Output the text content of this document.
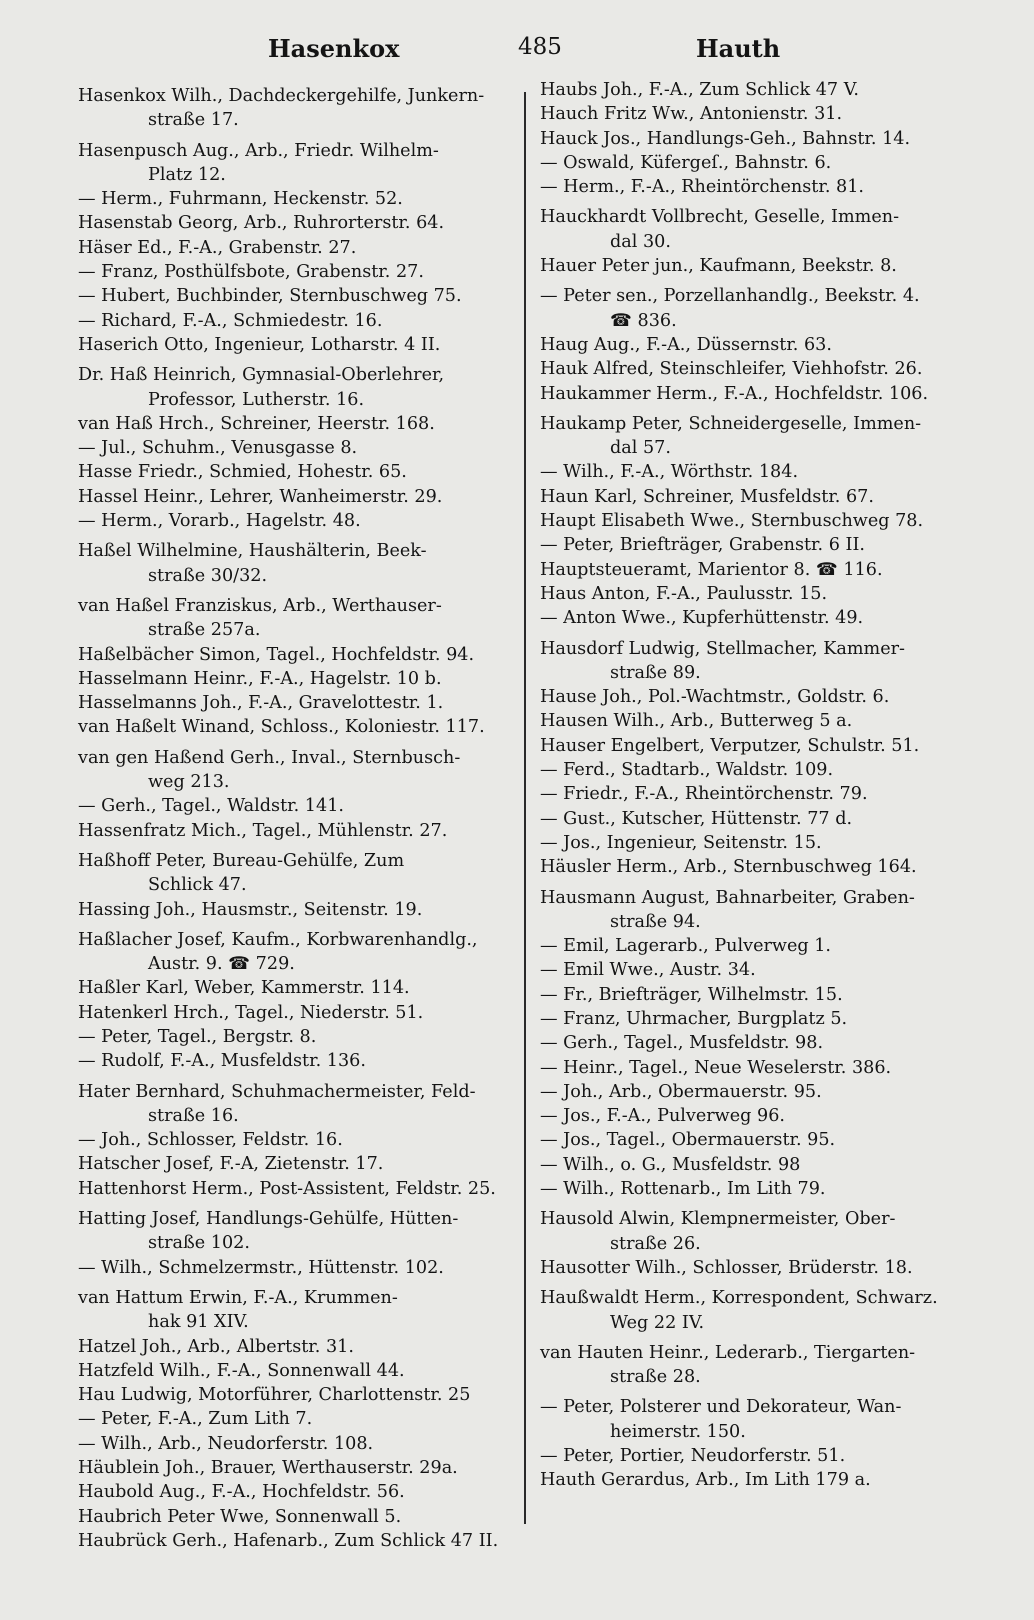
Hasenkox	485	Hauth
Hasenkox Wilh., Dachdeckergehilfe, Junkern-
straße 17.
Hasenpusch Aug., Arb., Friedr. Wilhelm-
Platz 12.
— Herm., Fuhrmann, Heckenstr. 52.
Hasenstab Georg, Arb., Ruhrorterstr. 64.
Häser Ed., F.-A., Grabenstr. 27.
— Franz, Posthülfsbote, Grabenstr. 27.
— Hubert, Buchbinder, Sternbuschweg 75.
— Richard, F.-A., Schmiedestr. 16.
Haserich Otto, Ingenieur, Lotharstr. 4 II.
Dr. Haß Heinrich, Gymnasial-Oberlehrer,
Professor, Lutherstr. 16.
van Haß Hrch., Schreiner, Heerstr. 168.
— Jul., Schuhm., Venusgasse 8.
Hasse Friedr., Schmied, Hohestr. 65.
Hassel Heinr., Lehrer, Wanheimerstr. 29.
— Herm., Vorarb., Hagelstr. 48.
Haßel Wilhelmine, Haushälterin, Beek-
straße 30/32.
van Haßel Franziskus, Arb., Werthauser-
straße 257a.
Haßelbächer Simon, Tagel., Hochfeldstr. 94.
Hasselmann Heinr., F.-A., Hagelstr. 10 b.
Hasselmanns Joh., F.-A., Gravelottestr. 1.
van Haßelt Winand, Schloss., Koloniestr. 117.
van gen Haßend Gerh., Inval., Sternbusch-
weg 213.
— Gerh., Tagel., Waldstr. 141.
Hassenfratz Mich., Tagel., Mühlenstr. 27.
Haßhoff Peter, Bureau-Gehülfe, Zum
Schlick 47.
Hassing Joh., Hausmstr., Seitenstr. 19.
Haßlacher Josef, Kaufm., Korbwarenhandlg.,
Austr. 9. ☎ 729.
Haßler Karl, Weber, Kammerstr. 114.
Hatenkerl Hrch., Tagel., Niederstr. 51.
— Peter, Tagel., Bergstr. 8.
— Rudolf, F.-A., Musfeldstr. 136.
Hater Bernhard, Schuhmachermeister, Feld-
straße 16.
— Joh., Schlosser, Feldstr. 16.
Hatscher Josef, F.-A, Zietenstr. 17.
Hattenhorst Herm., Post-Assistent, Feldstr. 25.
Hatting Josef, Handlungs-Gehülfe, Hütten-
straße 102.
— Wilh., Schmelzermstr., Hüttenstr. 102.
van Hattum Erwin, F.-A., Krummen-
hak 91 XIV.
Hatzel Joh., Arb., Albertstr. 31.
Hatzfeld Wilh., F.-A., Sonnenwall 44.
Hau Ludwig, Motorführer, Charlottenstr. 25
— Peter, F.-A., Zum Lith 7.
— Wilh., Arb., Neudorferstr. 108.
Häublein Joh., Brauer, Werthauserstr. 29a.
Haubold Aug., F.-A., Hochfeldstr. 56.
Haubrich Peter Wwe, Sonnenwall 5.
Haubrück Gerh., Hafenarb., Zum Schlick 47 II.
Haubs Joh., F.-A., Zum Schlick 47 V.
Hauch Fritz Ww., Antonienstr. 31.
Hauck Jos., Handlungs-Geh., Bahnstr. 14.
— Oswald, Küfergeſ., Bahnstr. 6.
— Herm., F.-A., Rheintörchenstr. 81.
Hauckhardt Vollbrecht, Geselle, Immen-
dal 30.
Hauer Peter jun., Kaufmann, Beekstr. 8.
— Peter sen., Porzellanhandlg., Beekstr. 4.
☎ 836.
Haug Aug., F.-A., Düssernstr. 63.
Hauk Alfred, Steinschleifer, Viehhofstr. 26.
Haukammer Herm., F.-A., Hochfeldstr. 106.
Haukamp Peter, Schneidergeselle, Immen-
dal 57.
— Wilh., F.-A., Wörthstr. 184.
Haun Karl, Schreiner, Musfeldstr. 67.
Haupt Elisabeth Wwe., Sternbuschweg 78.
— Peter, Briefträger, Grabenstr. 6 II.
Hauptsteueramt, Marientor 8. ☎ 116.
Haus Anton, F.-A., Paulusstr. 15.
— Anton Wwe., Kupferhüttenstr. 49.
Hausdorf Ludwig, Stellmacher, Kammer-
straße 89.
Hause Joh., Pol.-Wachtmstr., Goldstr. 6.
Hausen Wilh., Arb., Butterweg 5 a.
Hauser Engelbert, Verputzer, Schulstr. 51.
— Ferd., Stadtarb., Waldstr. 109.
— Friedr., F.-A., Rheintörchenstr. 79.
— Gust., Kutscher, Hüttenstr. 77 d.
— Jos., Ingenieur, Seitenstr. 15.
Häusler Herm., Arb., Sternbuschweg 164.
Hausmann August, Bahnarbeiter, Graben-
straße 94.
— Emil, Lagerarb., Pulverweg 1.
— Emil Wwe., Austr. 34.
— Fr., Briefträger, Wilhelmstr. 15.
— Franz, Uhrmacher, Burgplatz 5.
— Gerh., Tagel., Musfeldstr. 98.
— Heinr., Tagel., Neue Weselerstr. 386.
— Joh., Arb., Obermauerstr. 95.
— Jos., F.-A., Pulverweg 96.
— Jos., Tagel., Obermauerstr. 95.
— Wilh., o. G., Musfeldstr. 98
— Wilh., Rottenarb., Im Lith 79.
Hausold Alwin, Klempnermeister, Ober-
straße 26.
Hausotter Wilh., Schlosser, Brüderstr. 18.
Haußwaldt Herm., Korrespondent, Schwarz.
Weg 22 IV.
van Hauten Heinr., Lederarb., Tiergarten-
straße 28.
— Peter, Polsterer und Dekorateur, Wan-
heimerstr. 150.
— Peter, Portier, Neudorferstr. 51.
Hauth Gerardus, Arb., Im Lith 179 a.
